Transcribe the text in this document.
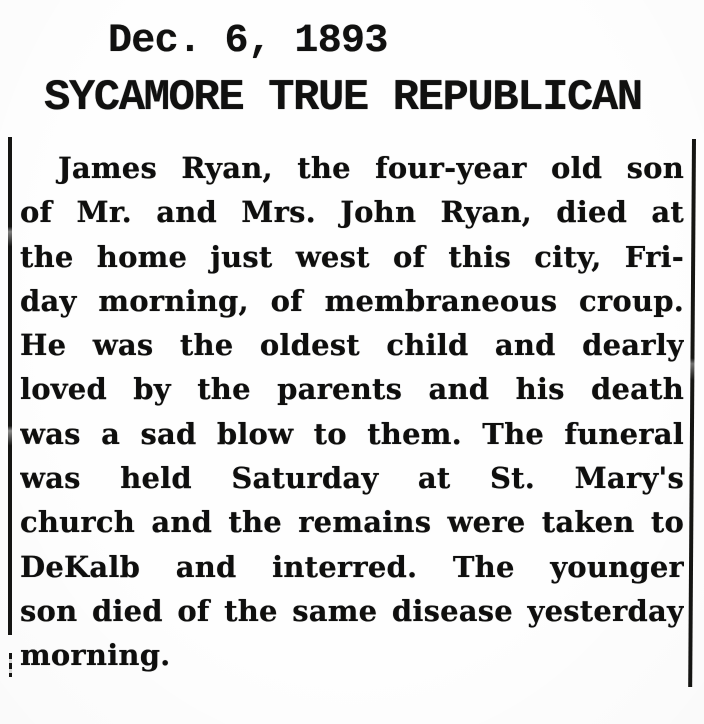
Dec. 6, 1893
SYCAMORE TRUE REPUBLICAN
James Ryan, the four-year old son
of Mr. and Mrs. John Ryan, died at
the home just west of this city, Fri-
day morning, of membraneous croup.
He was the oldest child and dearly
loved by the parents and his death
was a sad blow to them. The funeral
was held Saturday at St. Mary's
church and the remains were taken to
DeKalb and interred. The younger
son died of the same disease yesterday
morning.
